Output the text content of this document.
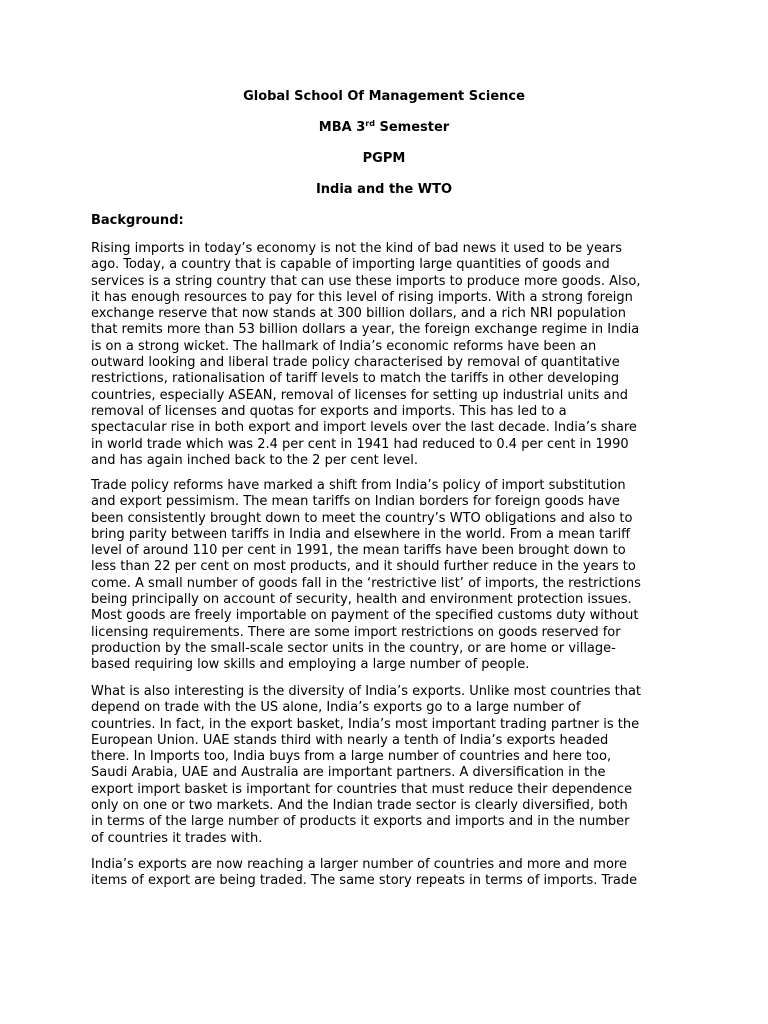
Global School Of Management Science
MBA 3rd Semester
PGPM
India and the WTO
Background:
Rising imports in today’s economy is not the kind of bad news it used to be years
ago. Today, a country that is capable of importing large quantities of goods and
services is a string country that can use these imports to produce more goods. Also,
it has enough resources to pay for this level of rising imports. With a strong foreign
exchange reserve that now stands at 300 billion dollars, and a rich NRI population
that remits more than 53 billion dollars a year, the foreign exchange regime in India
is on a strong wicket. The hallmark of India’s economic reforms have been an
outward looking and liberal trade policy characterised by removal of quantitative
restrictions, rationalisation of tariff levels to match the tariffs in other developing
countries, especially ASEAN, removal of licenses for setting up industrial units and
removal of licenses and quotas for exports and imports. This has led to a
spectacular rise in both export and import levels over the last decade. India’s share
in world trade which was 2.4 per cent in 1941 had reduced to 0.4 per cent in 1990
and has again inched back to the 2 per cent level.
Trade policy reforms have marked a shift from India’s policy of import substitution
and export pessimism. The mean tariffs on Indian borders for foreign goods have
been consistently brought down to meet the country’s WTO obligations and also to
bring parity between tariffs in India and elsewhere in the world. From a mean tariff
level of around 110 per cent in 1991, the mean tariffs have been brought down to
less than 22 per cent on most products, and it should further reduce in the years to
come. A small number of goods fall in the ‘restrictive list’ of imports, the restrictions
being principally on account of security, health and environment protection issues.
Most goods are freely importable on payment of the specified customs duty without
licensing requirements. There are some import restrictions on goods reserved for
production by the small-scale sector units in the country, or are home or village-
based requiring low skills and employing a large number of people.
What is also interesting is the diversity of India’s exports. Unlike most countries that
depend on trade with the US alone, India’s exports go to a large number of
countries. In fact, in the export basket, India’s most important trading partner is the
European Union. UAE stands third with nearly a tenth of India’s exports headed
there. In Imports too, India buys from a large number of countries and here too,
Saudi Arabia, UAE and Australia are important partners. A diversification in the
export import basket is important for countries that must reduce their dependence
only on one or two markets. And the Indian trade sector is clearly diversified, both
in terms of the large number of products it exports and imports and in the number
of countries it trades with.
India’s exports are now reaching a larger number of countries and more and more
items of export are being traded. The same story repeats in terms of imports. Trade
